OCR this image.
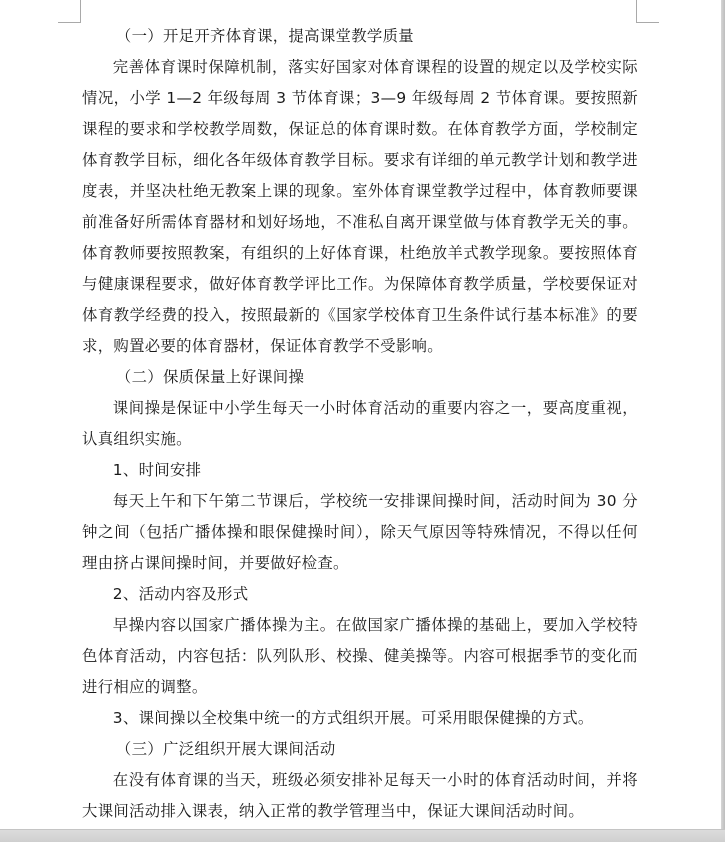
（一）开足开齐体育课，提高课堂教学质量

完善体育课时保障机制，落实好国家对体育课程的设置的规定以及学校实际情况，小学 1—2 年级每周 3 节体育课；3—9 年级每周 2 节体育课。要按照新课程的要求和学校教学周数，保证总的体育课时数。在体育教学方面，学校制定体育教学目标，细化各年级体育教学目标。要求有详细的单元教学计划和教学进度表，并坚决杜绝无教案上课的现象。室外体育课堂教学过程中，体育教师要课前准备好所需体育器材和划好场地，不准私自离开课堂做与体育教学无关的事。体育教师要按照教案，有组织的上好体育课，杜绝放羊式教学现象。要按照体育与健康课程要求，做好体育教学评比工作。为保障体育教学质量，学校要保证对体育教学经费的投入，按照最新的《国家学校体育卫生条件试行基本标准》的要求，购置必要的体育器材，保证体育教学不受影响。

（二）保质保量上好课间操

课间操是保证中小学生每天一小时体育活动的重要内容之一，要高度重视，认真组织实施。

1、时间安排

每天上午和下午第二节课后，学校统一安排课间操时间，活动时间为 30 分钟之间（包括广播体操和眼保健操时间），除天气原因等特殊情况，不得以任何理由挤占课间操时间，并要做好检查。

2、活动内容及形式

早操内容以国家广播体操为主。在做国家广播体操的基础上，要加入学校特色体育活动，内容包括：队列队形、校操、健美操等。内容可根据季节的变化而进行相应的调整。

3、课间操以全校集中统一的方式组织开展。可采用眼保健操的方式。

（三）广泛组织开展大课间活动

在没有体育课的当天，班级必须安排补足每天一小时的体育活动时间，并将大课间活动排入课表，纳入正常的教学管理当中，保证大课间活动时间。
